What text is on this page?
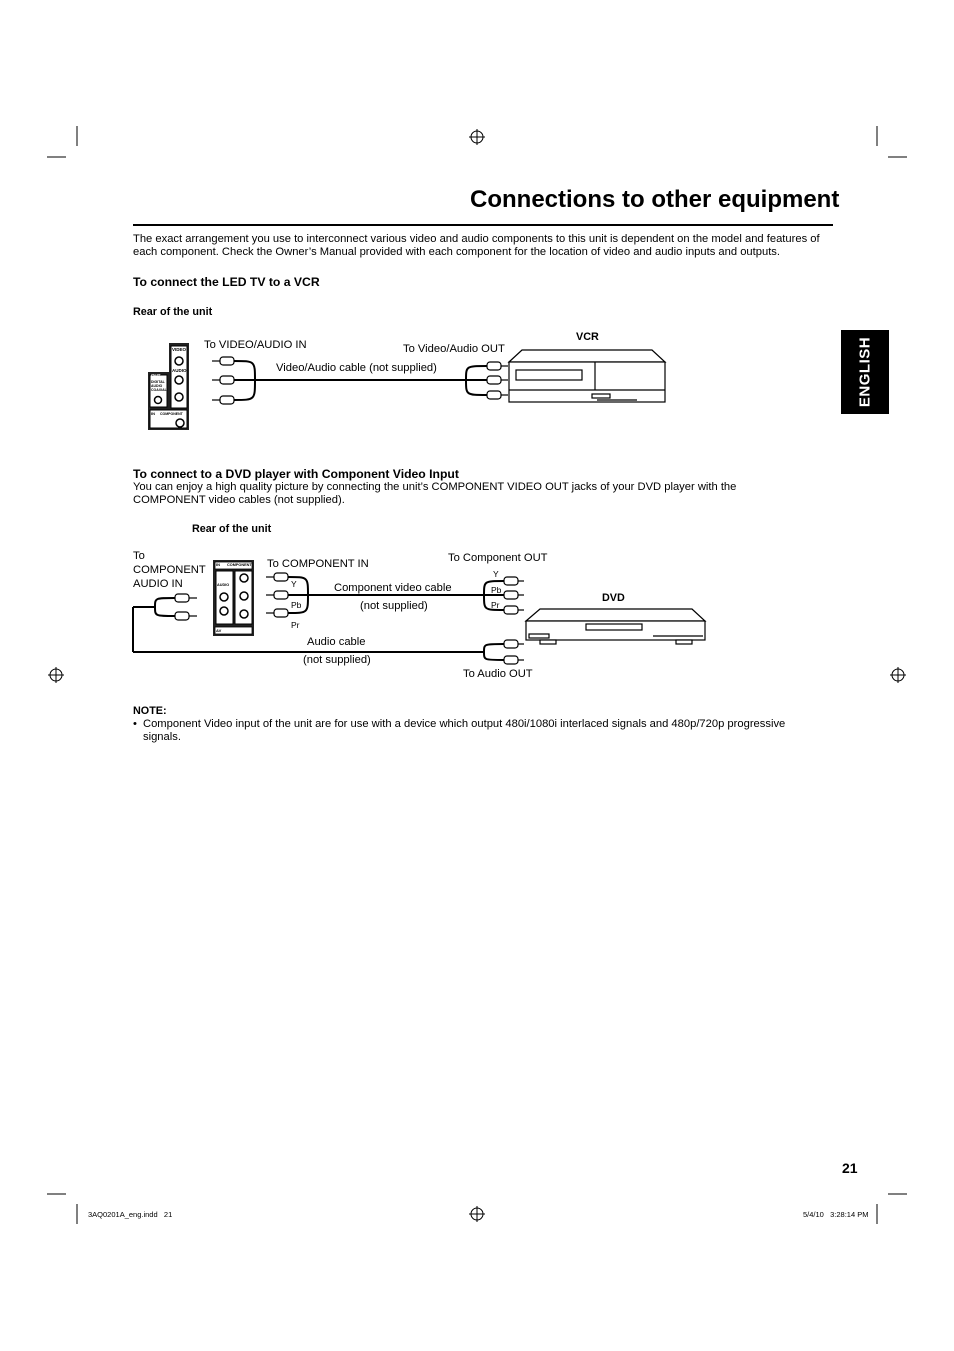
Connections to other equipment
The exact arrangement you use to interconnect various video and audio components to this unit is dependent on the model and features of each component. Check the Owner’s Manual provided with each component for the location of video and audio inputs and outputs.
ENGLISH
To connect the LED TV to a VCR
Rear of the unit
To VIDEO/AUDIO IN	To Video/Audio OUT
Video/Audio cable (not supplied)
VCR
VIDEO
AUDIO
OUT
DIGITAL AUDIO COAXIAL
IN COMPONENT
To connect to a DVD player with Component Video Input
You can enjoy a high quality picture by connecting the unit’s COMPONENT VIDEO OUT jacks of your DVD player with the COMPONENT video cables (not supplied).
Rear of the unit
To
COMPONENT
AUDIO IN
To COMPONENT IN	To Component OUT
Component video cable
(not supplied)
Audio cable
(not supplied)
To Audio OUT
DVD
Y
Pb
Pr
Y
Pb
Pr
IN COMPONENT
AUDIO
AV
NOTE:
• Component Video input of the unit are for use with a device which output 480i/1080i interlaced signals and 480p/720p progressive signals.
21
3AQ0201A_eng.indd   21	5/4/10   3:28:14 PM
